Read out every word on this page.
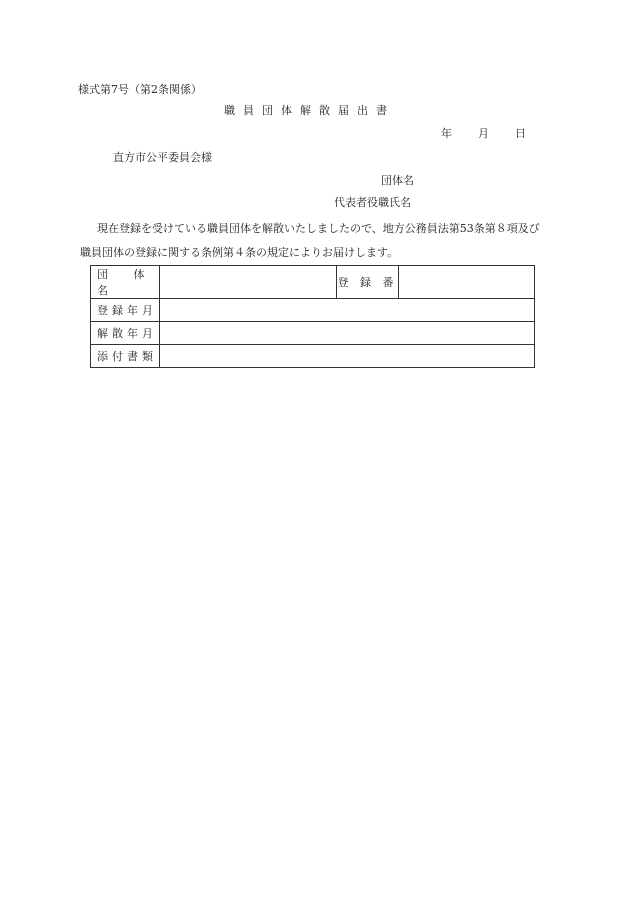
様式第7号（第2条関係）
職員団体解散届出書
年 月 日
直方市公平委員会様
団体名
代表者役職氏名
現在登録を受けている職員団体を解散いたしましたので、地方公務員法第53条第８項及び職員団体の登録に関する条例第４条の規定によりお届けします。
団 体 名		登 録 番	
登録年月			
解散年月			
添付書類			
